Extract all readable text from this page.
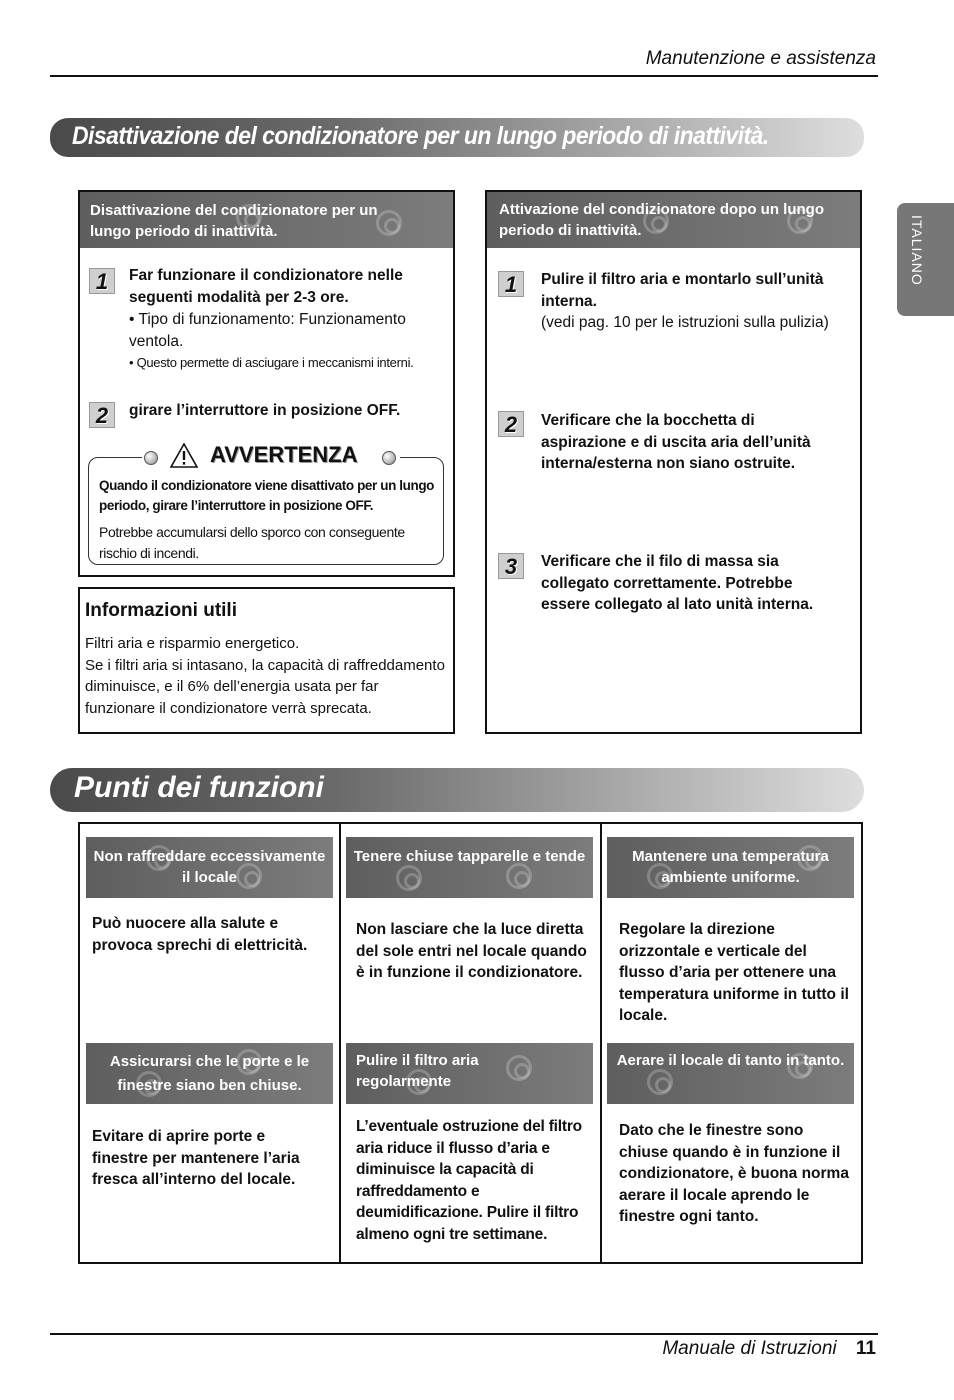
Manutenzione e assistenza
ITALIANO
Disattivazione del condizionatore per un lungo periodo di inattività.
Disattivazione del condizionatore per un lungo periodo di inattività.
1	Far funzionare il condizionatore nelle seguenti modalità per 2-3 ore.
• Tipo di funzionamento: Funzionamento ventola.
• Questo permette di asciugare i meccanismi interni.
2	girare l’interruttore in posizione OFF.
AVVERTENZA
Quando il condizionatore viene disattivato per un lungo periodo, girare l’interruttore in posizione OFF.
Potrebbe accumularsi dello sporco con conseguente rischio di incendi.
Informazioni utili
Filtri aria e risparmio energetico.
Se i filtri aria si intasano, la capacità di raffreddamento diminuisce, e il 6% dell’energia usata per far funzionare il condizionatore verrà sprecata.
Attivazione del condizionatore dopo un lungo periodo di inattività.
1	Pulire il filtro aria e montarlo sull’unità interna.
(vedi pag. 10 per le istruzioni sulla pulizia)
2	Verificare che la bocchetta di aspirazione e di uscita aria dell’unità interna/esterna non siano ostruite.
3	Verificare che il filo di massa sia collegato correttamente. Potrebbe essere collegato al lato unità interna.
Punti dei funzioni
Non raffreddare eccessivamente il locale
Tenere chiuse tapparelle e tende	Mantenere una temperatura ambiente uniforme.
Può nuocere alla salute e provoca sprechi di elettricità.
Non lasciare che la luce diretta del sole entri nel locale quando è in funzione il condizionatore.
Regolare la direzione orizzontale e verticale del flusso d’aria per ottenere una temperatura uniforme in tutto il locale.
Assicurarsi che le porte e le finestre siano ben chiuse.
Pulire il filtro aria regolarmente
Aerare il locale di tanto in tanto.
Evitare di aprire porte e finestre per mantenere l’aria fresca all’interno del locale.
L’eventuale ostruzione del filtro aria riduce il flusso d’aria e diminuisce la capacità di raffreddamento e deumidificazione. Pulire il filtro almeno ogni tre settimane.
Dato che le finestre sono chiuse quando è in funzione il condizionatore, è buona norma aerare il locale aprendo le finestre ogni tanto.
Manuale di Istruzioni 11
